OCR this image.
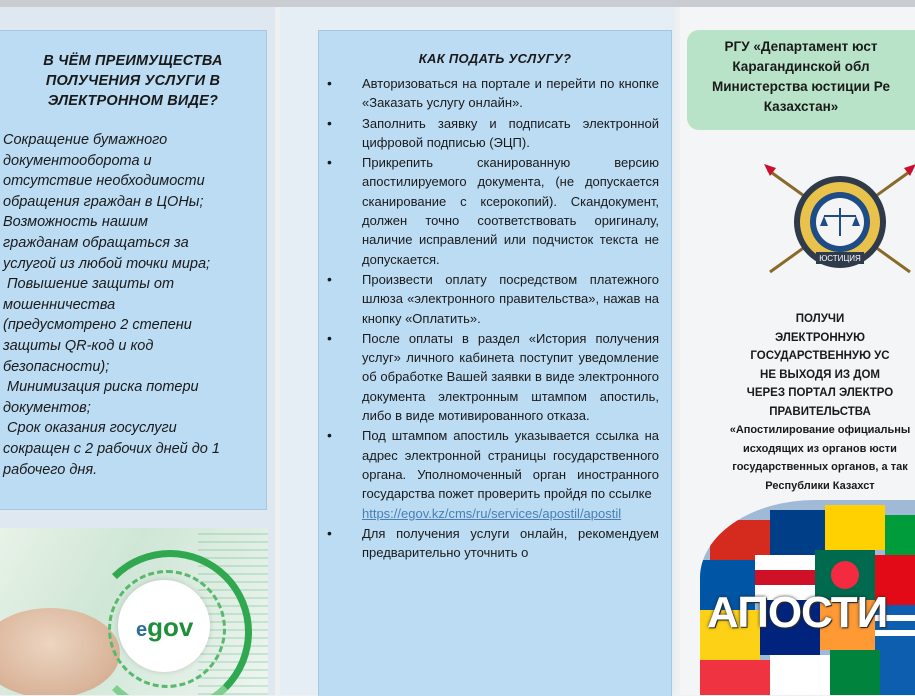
В ЧЁМ ПРЕИМУЩЕСТВА
ПОЛУЧЕНИЯ УСЛУГИ В
ЭЛЕКТРОННОМ ВИДЕ?
Сокращение бумажного
документооборота и
отсутствие необходимости
обращения граждан в ЦОНы;
Возможность нашим
гражданам обращаться за
услугой из любой точки мира;
Повышение защиты от
мошенничества
(предусмотрено 2 степени
защиты QR-код и код
безопасности);
Минимизация риска потери
документов;
Срок оказания госуслуги
сокращен с 2 рабочих дней до 1
рабочего дня.
egov
КАК ПОДАТЬ УСЛУГУ?
•	Авторизоваться на портале и перейти по кнопке «Заказать услугу онлайн».
•	Заполнить заявку и подписать электронной цифровой подписью (ЭЦП).
•	Прикрепить сканированную версию апостилируемого документа, (не допускается сканирование с ксерокопий). Скандокумент, должен точно соответствовать оригиналу, наличие исправлений или подчисток текста не допускается.
•	Произвести оплату посредством платежного шлюза «электронного правительства», нажав на кнопку «Оплатить».
•	После оплаты в раздел «История получения услуг» личного кабинета поступит уведомление об обработке Вашей заявки в виде электронного документа электронным штампом апостиль, либо в виде мотивированного отказа.
•	Под штампом апостиль указывается ссылка на адрес электронной страницы государственного органа. Уполномоченный орган иностранного государства пожет проверить пройдя по ссылке
https://egov.kz/cms/ru/services/apostil/apostil
•	Для получения услуги онлайн, рекомендуем предварительно уточнить о
РГУ «Департамент юст
Карагандинской обл
Министерства юстиции Ре
Казахстан»
ЮСТИЦИЯ
ПОЛУЧИ
ЭЛЕКТРОННУЮ
ГОСУДАРСТВЕННУЮ УС
НЕ ВЫХОДЯ ИЗ ДОМ
ЧЕРЕЗ ПОРТАЛ ЭЛЕКТРО
ПРАВИТЕЛЬСТВА
«Апостилирование официальны
исходящих из органов юсти
государственных органов, а так
Республики Казахст
АПОСТИ
